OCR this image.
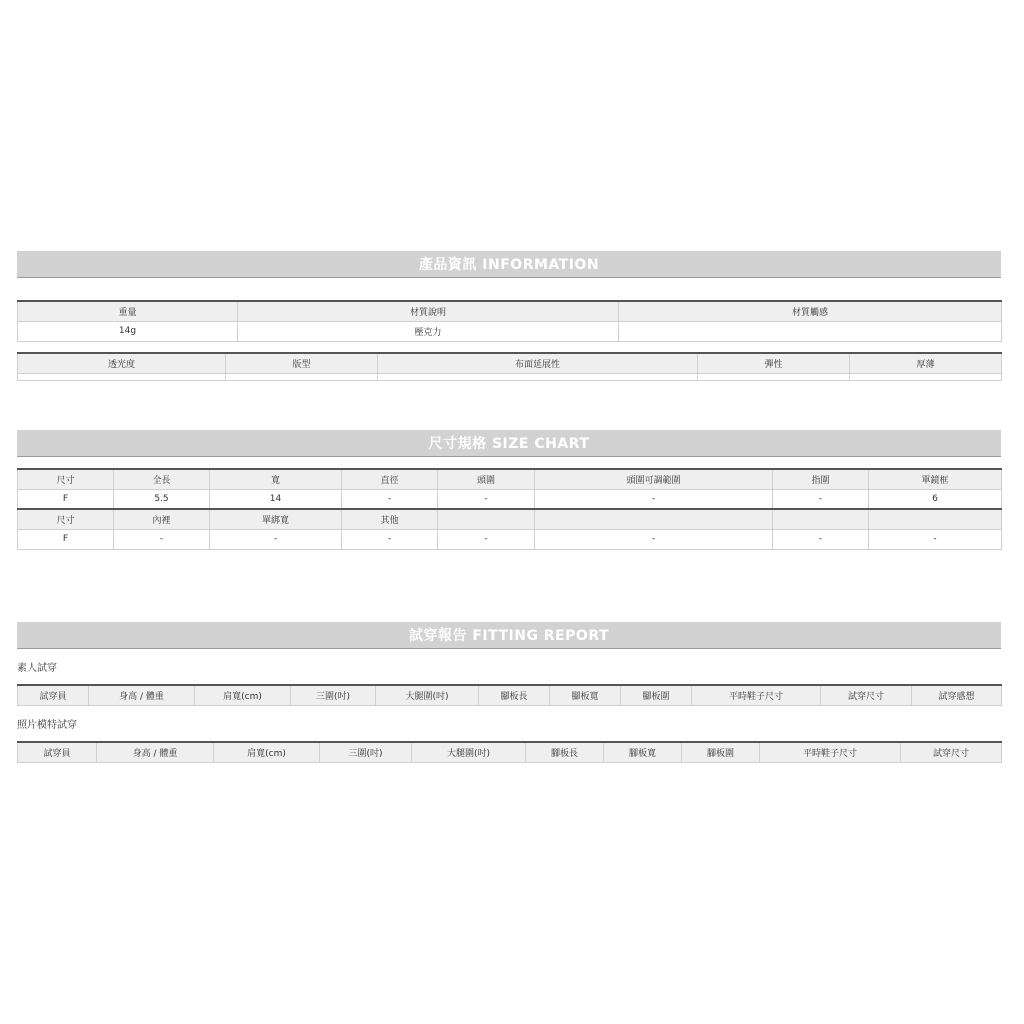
產品資訊 INFORMATION
重量	材質說明	材質觸感
14g	壓克力	
透光度	版型	布面延展性	彈性	厚薄

尺寸規格 SIZE CHART
尺寸	全長	寬	直徑	頭圍	頭圍可調範圍	指圍	單鏡框
F	5.5	14	-	-	-	-	6
尺寸	內裡	單綁寬	其他				
F	-	-	-	-	-	-	-
試穿報告 FITTING REPORT
素人試穿
試穿員	身高 / 體重	肩寬(cm)	三圍(吋)	大腿圍(吋)	腳板長	腳板寬	腳板圍	平時鞋子尺寸	試穿尺寸	試穿感想
照片模特試穿
試穿員	身高 / 體重	肩寬(cm)	三圍(吋)	大腿圍(吋)	腳板長	腳板寬	腳板圍	平時鞋子尺寸	試穿尺寸
